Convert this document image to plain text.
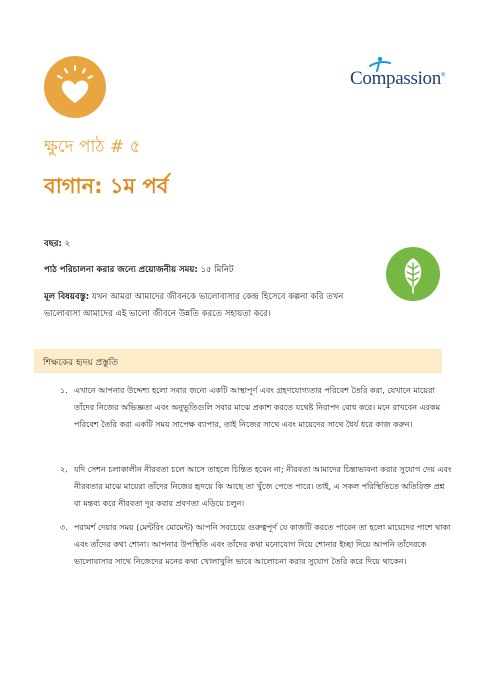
Compassion®
ক্ষুদে পাঠ # ৫
বাগান: ১ম পর্ব
বছর: ২
পাঠ পরিচালনা করার জন্যে প্রয়োজনীয় সময়: ১৫ মিনিট
মূল বিষয়বস্তু: যখন আমরা আমাদের জীবনকে ভালোবাসার কেন্দ্র হিসেবে কল্পনা করি তখন ভালোবাসা আমাদের এই ভালো জীবনে উন্নতি করতে সহায়তা করে।
শিক্ষকের হৃদয় প্রস্তুতি
১. এখানে আপনার উদ্দেশ্য হলো সবার জন্যে একটি আস্থাপূর্ণ এবং গ্রহণযোগ্যতার পরিবেশ তৈরি করা, যেখানে মায়েরা তাঁদের নিজের অভিজ্ঞতা এবং অনুভূতিগুলি সবার মাঝে প্রকাশ করতে যথেষ্ট নিরাপদ বোধ করে। মনে রাখবেন এরকম পরিবেশ তৈরি করা একটি সময় সাপেক্ষ ব্যাপার, তাই নিজের সাথে এবং মায়েদের সাথে ধৈর্য ধরে কাজ করুন।
২. যদি সেশন চলাকালীন নীরবতা চলে আসে তাহলে চিন্তিত হবেন না; নীরবতা আমাদের চিন্তাভাবনা করার সুযোগ দেয় এবং নীরবতার মাঝে মায়েরা তাঁদের নিজের হৃদয়ে কি আছে তা খুঁজে পেতে পারে। তাই, এ সকল পরিস্থিতিতে অতিরিক্ত প্রশ্ন বা মন্তব্য করে নীরবতা দূর করার প্রবণতা এড়িয়ে চলুন।
৩. পরামর্শ দেয়ার সময় (মেন্টরিং মোমেন্ট) আপনি সবচেয়ে গুরুত্বপূর্ণ যে কাজটি করতে পারেন তা হলো মায়েদের পাশে থাকা এবং তাঁদের কথা শোনা। আপনার উপস্থিতি এবং তাঁদের কথা মনোযোগ দিয়ে শোনার ইচ্ছা দিয়ে আপনি তাঁদেরকে ভালোবাসার সাথে নিজেদের মনের কথা খোলাখুলি ভাবে আলোচনা করার সুযোগ তৈরি করে দিয়ে থাকেন।
